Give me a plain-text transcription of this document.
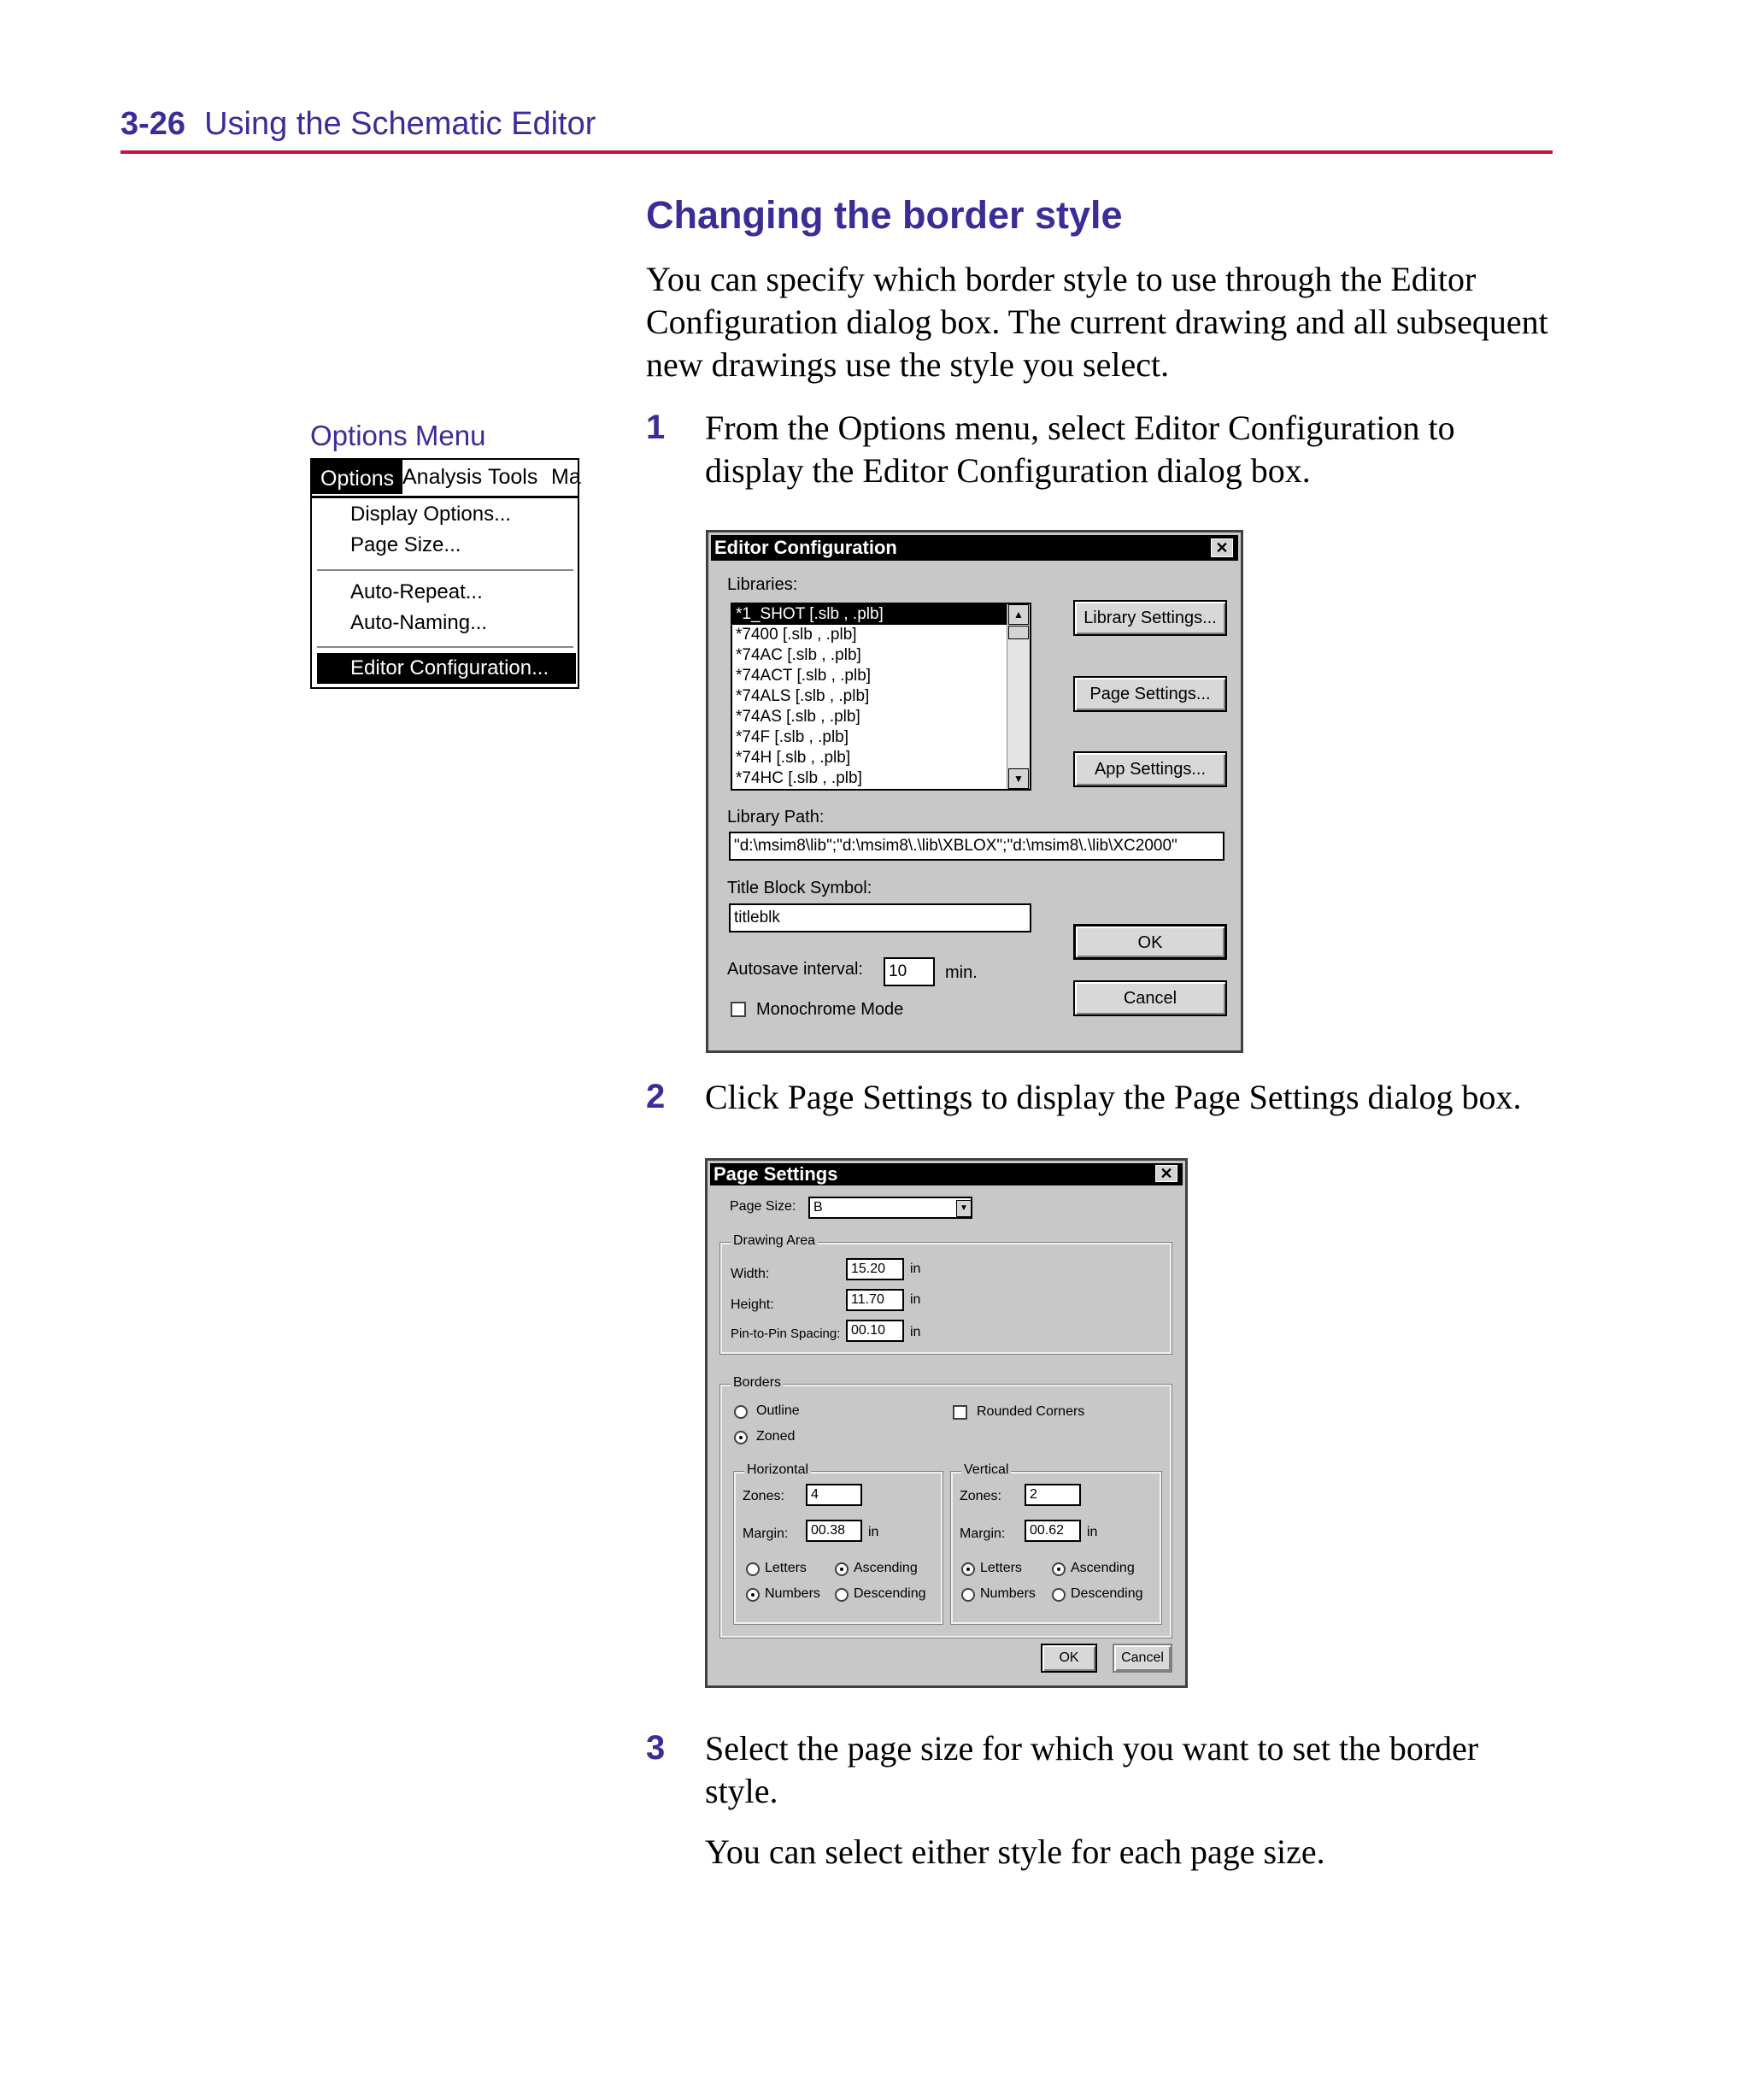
3-26 Using the Schematic Editor
Changing the border style
You can specify which border style to use through the Editor Configuration dialog box. The current drawing and all subsequent new drawings use the style you select.
1 From the Options menu, select Editor Configuration to display the Editor Configuration dialog box.
Options Menu
Options Analysis Tools Ma
Display Options...
Page Size...
Auto-Repeat...
Auto-Naming...
Editor Configuration...
Editor Configuration	✕
Libraries:
*1_SHOT [.slb , .plb]
*7400 [.slb , .plb]
*74AC [.slb , .plb]
*74ACT [.slb , .plb]
*74ALS [.slb , .plb]
*74AS [.slb , .plb]
*74F [.slb , .plb]
*74H [.slb , .plb]
*74HC [.slb , .plb]
▲
▼
Library Settings...
Page Settings...
App Settings...
Library Path:
"d:\msim8\lib";"d:\msim8\.\lib\XBLOX";"d:\msim8\.\lib\XC2000"
Title Block Symbol:
titleblk
Autosave interval:	10	min.
Monochrome Mode
OK
Cancel
2 Click Page Settings to display the Page Settings dialog box.
Page Settings	✕
Page Size:	B	▼
Drawing Area
Width:	15.20	in
Height:	11.70	in
Pin-to-Pin Spacing: 00.10	in
Borders
Outline
Zoned
Rounded Corners
Horizontal
Zones:	4
Margin:	00.38	in
Letters	Ascending
Numbers Descending
Vertical
Zones:	2
Margin:	00.62	in
Letters	Ascending
Numbers	Descending
OK	Cancel
3 Select the page size for which you want to set the border style.
You can select either style for each page size.
